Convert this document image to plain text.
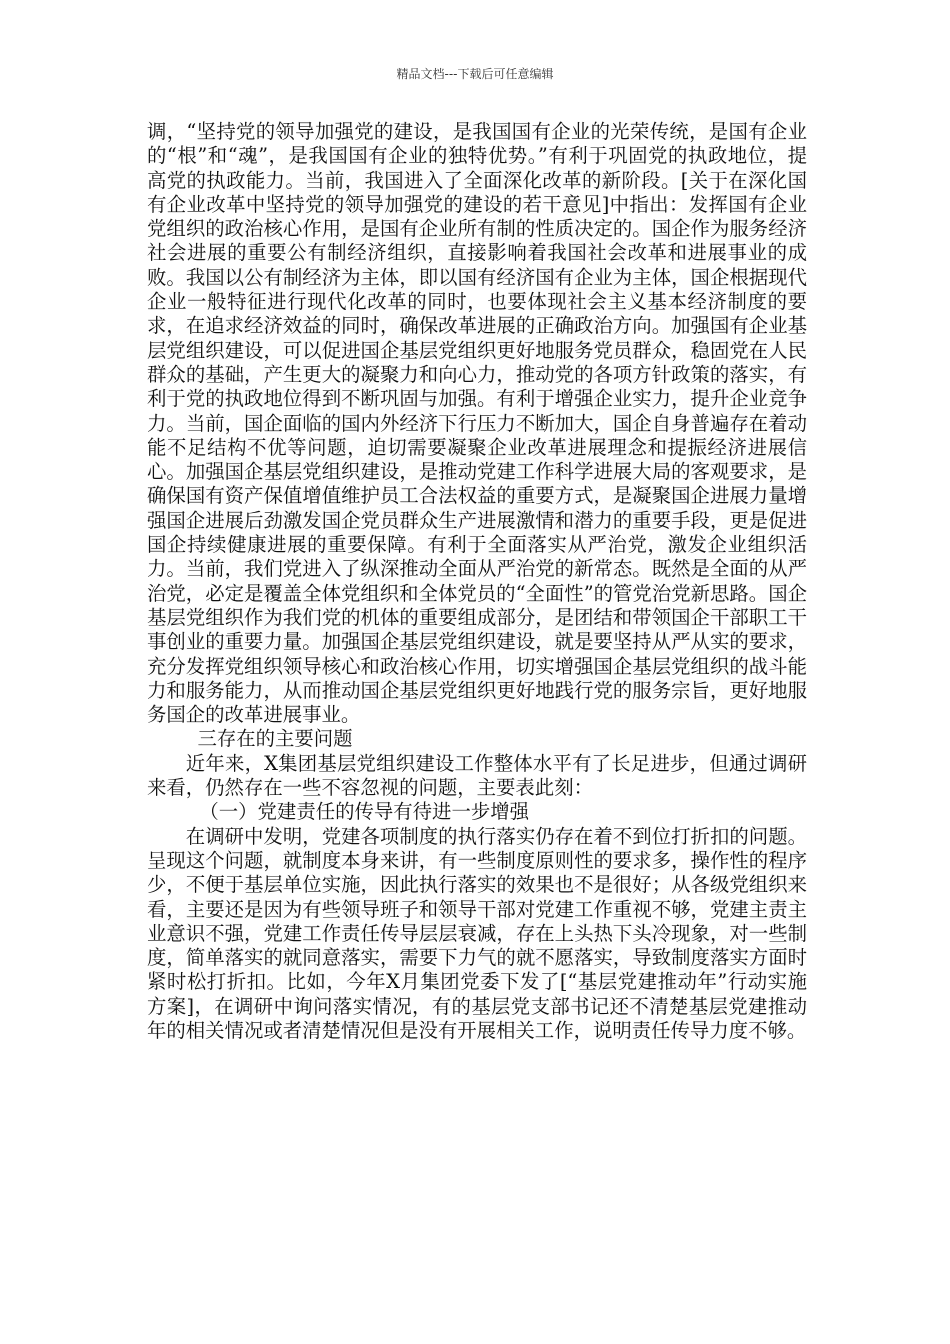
精品文档---下载后可任意编辑

调，“坚持党的领导加强党的建设，是我国国有企业的光荣传统，是国有企业的“根”和“魂”，是我国国有企业的独特优势。”有利于巩固党的执政地位，提高党的执政能力。当前，我国进入了全面深化改革的新阶段。[关于在深化国有企业改革中坚持党的领导加强党的建设的若干意见]中指出：发挥国有企业党组织的政治核心作用，是国有企业所有制的性质决定的。国企作为服务经济社会进展的重要公有制经济组织，直接影响着我国社会改革和进展事业的成败。我国以公有制经济为主体，即以国有经济国有企业为主体，国企根据现代企业一般特征进行现代化改革的同时，也要体现社会主义基本经济制度的要求，在追求经济效益的同时，确保改革进展的正确政治方向。加强国有企业基层党组织建设，可以促进国企基层党组织更好地服务党员群众，稳固党在人民群众的基础，产生更大的凝聚力和向心力，推动党的各项方针政策的落实，有利于党的执政地位得到不断巩固与加强。有利于增强企业实力，提升企业竞争力。当前，国企面临的国内外经济下行压力不断加大，国企自身普遍存在着动能不足结构不优等问题，迫切需要凝聚企业改革进展理念和提振经济进展信心。加强国企基层党组织建设，是推动党建工作科学进展大局的客观要求，是确保国有资产保值增值维护员工合法权益的重要方式，是凝聚国企进展力量增强国企进展后劲激发国企党员群众生产进展激情和潜力的重要手段，更是促进国企持续健康进展的重要保障。有利于全面落实从严治党，激发企业组织活力。当前，我们党进入了纵深推动全面从严治党的新常态。既然是全面的从严治党，必定是覆盖全体党组织和全体党员的“全面性”的管党治党新思路。国企基层党组织作为我们党的机体的重要组成部分，是团结和带领国企干部职工干事创业的重要力量。加强国企基层党组织建设，就是要坚持从严从实的要求，充分发挥党组织领导核心和政治核心作用，切实增强国企基层党组织的战斗能力和服务能力，从而推动国企基层党组织更好地践行党的服务宗旨，更好地服务国企的改革进展事业。

三存在的主要问题

近年来，X集团基层党组织建设工作整体水平有了长足进步，但通过调研来看，仍然存在一些不容忽视的问题，主要表此刻：

（一）党建责任的传导有待进一步增强

在调研中发明，党建各项制度的执行落实仍存在着不到位打折扣的问题。呈现这个问题，就制度本身来讲，有一些制度原则性的要求多，操作性的程序少，不便于基层单位实施，因此执行落实的效果也不是很好；从各级党组织来看，主要还是因为有些领导班子和领导干部对党建工作重视不够，党建主责主业意识不强，党建工作责任传导层层衰减，存在上头热下头冷现象，对一些制度，简单落实的就同意落实，需要下力气的就不愿落实，导致制度落实方面时紧时松打折扣。比如，今年X月集团党委下发了[“基层党建推动年”行动实施方案]，在调研中询问落实情况，有的基层党支部书记还不清楚基层党建推动年的相关情况或者清楚情况但是没有开展相关工作，说明责任传导力度不够。
